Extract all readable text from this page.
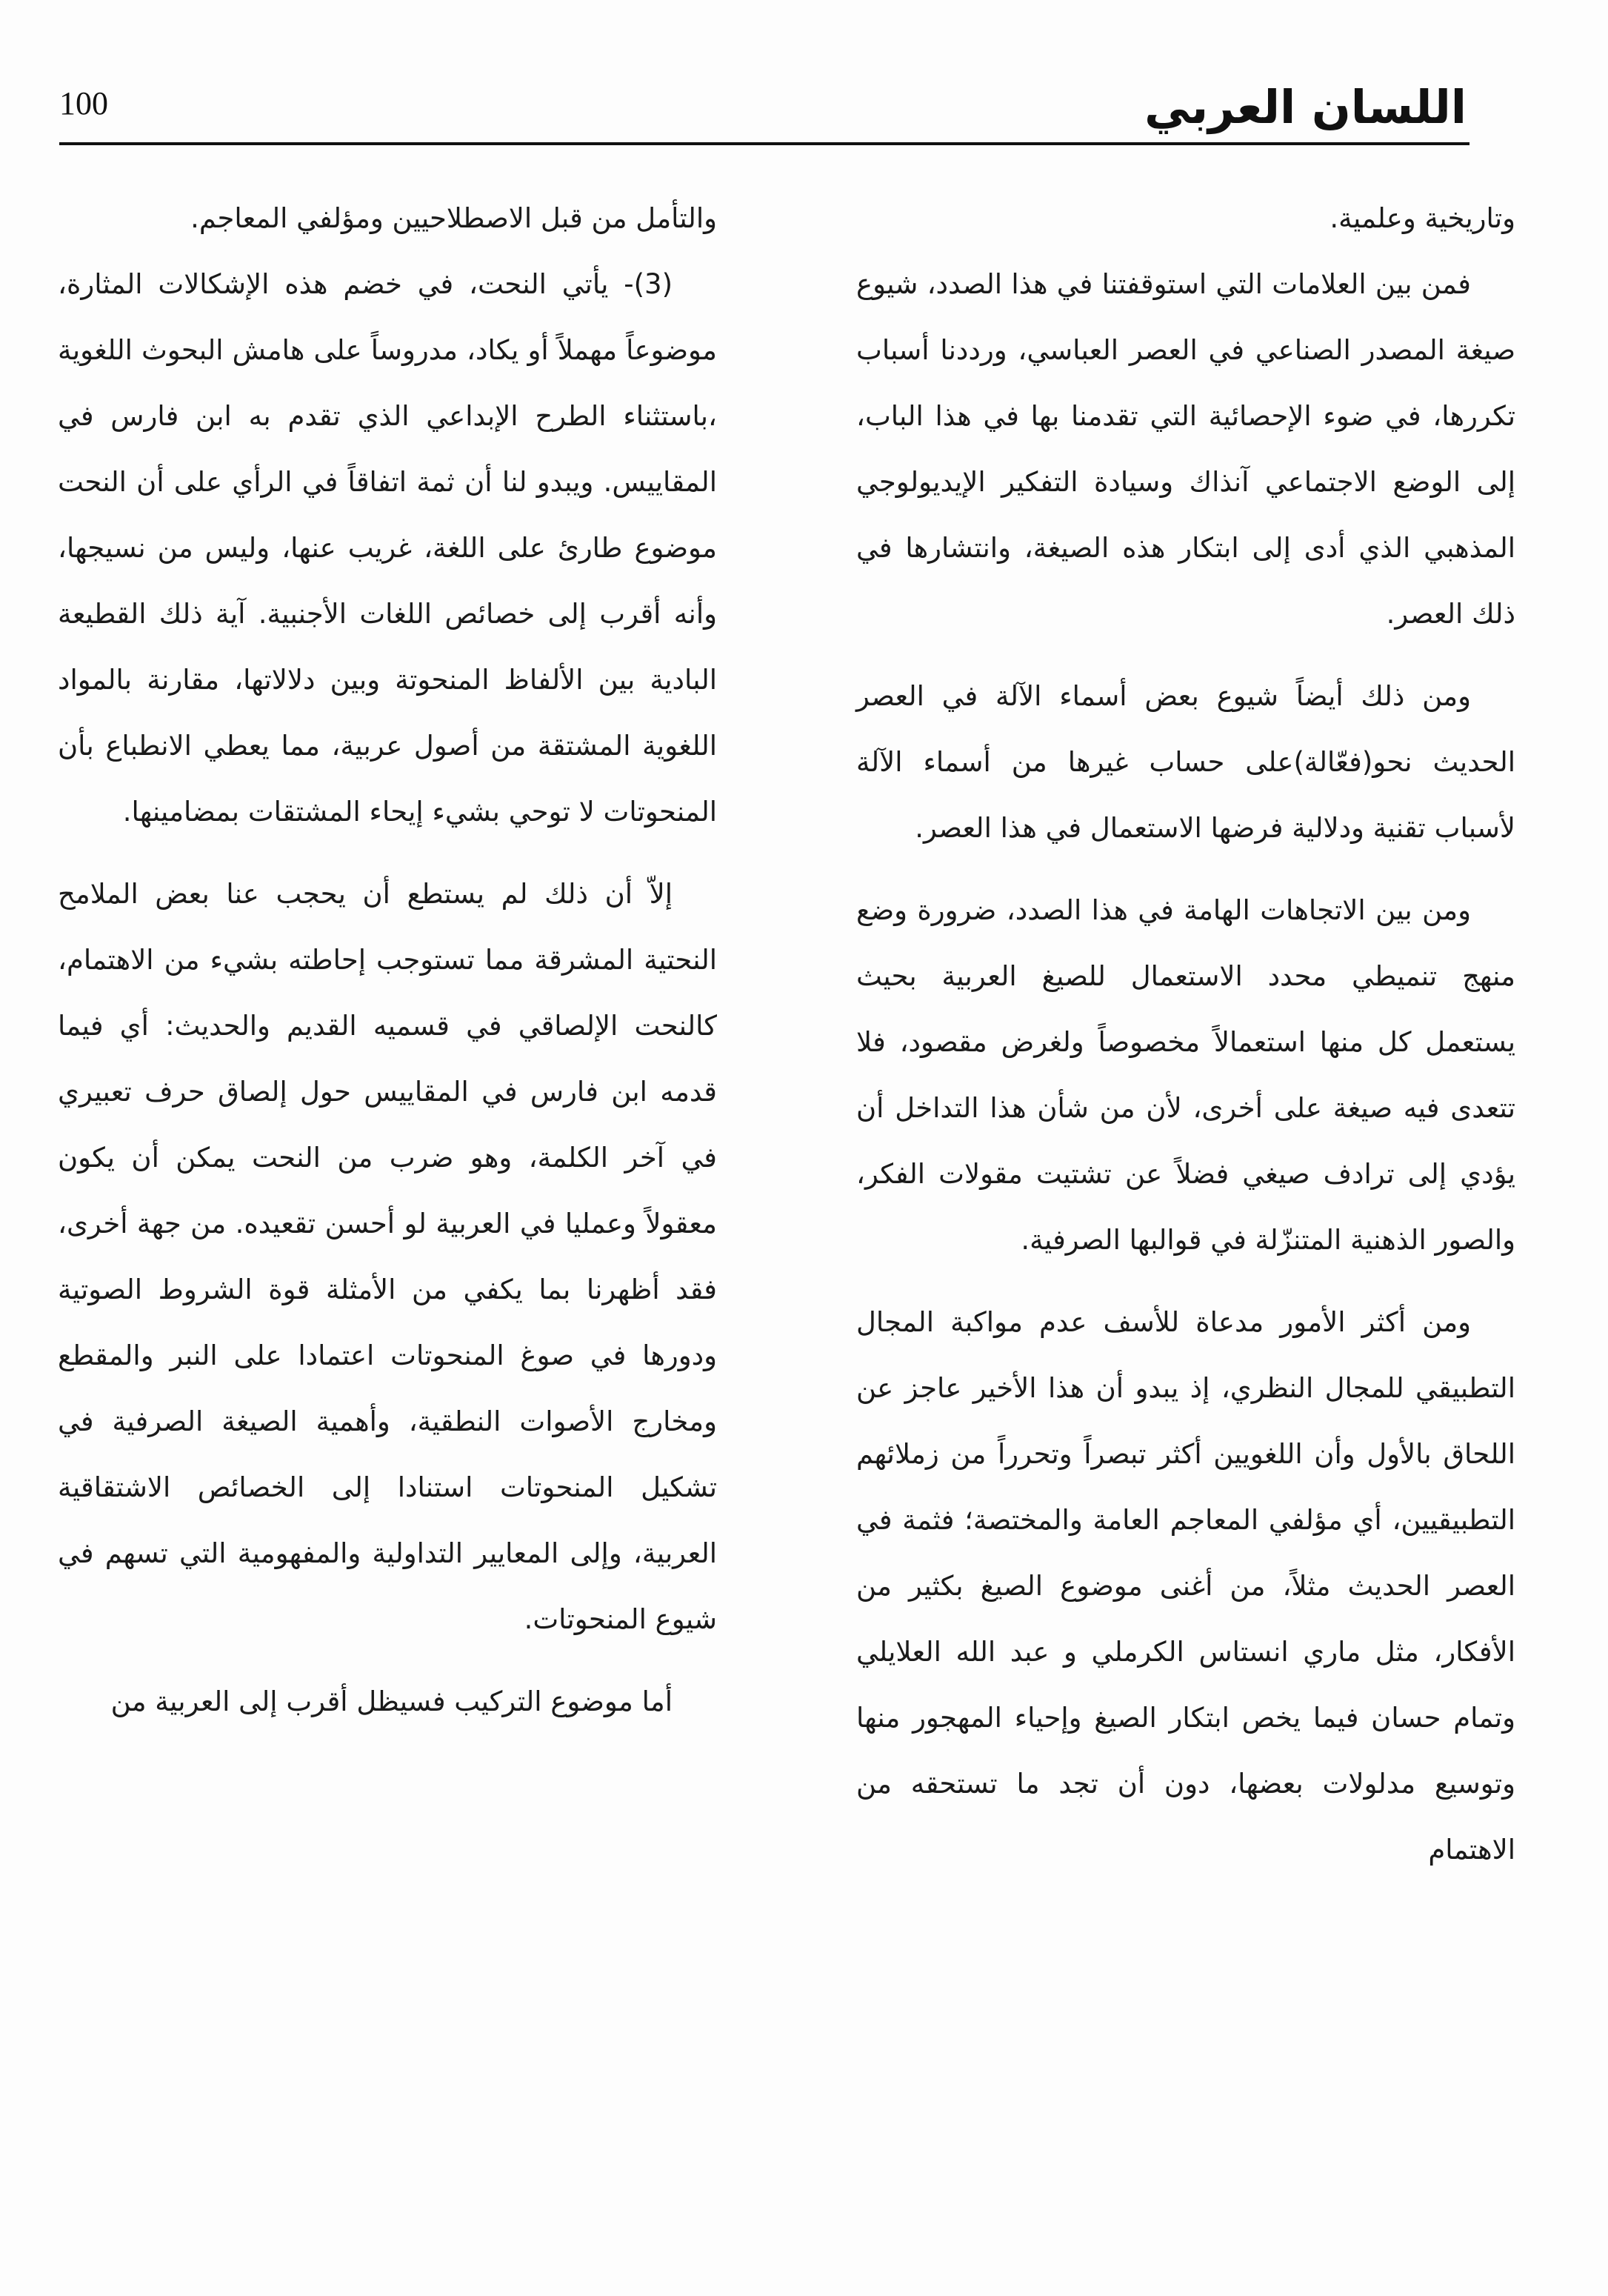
اللسان العربي
100

وتاريخية وعلمية.

فمن بين العلامات التي استوقفتنا في هذا الصدد، شيوع صيغة المصدر الصناعي في العصر العباسي، ورددنا أسباب تكررها، في ضوء الإحصائية التي تقدمنا بها في هذا الباب، إلى الوضع الاجتماعي آنذاك وسيادة التفكير الإيديولوجي المذهبي الذي أدى إلى ابتكار هذه الصيغة، وانتشارها في ذلك العصر.

ومن ذلك أيضاً شيوع بعض أسماء الآلة في العصر الحديث نحو(فعّالة)على حساب غيرها من أسماء الآلة لأسباب تقنية ودلالية فرضها الاستعمال في هذا العصر.

ومن بين الاتجاهات الهامة في هذا الصدد، ضرورة وضع منهج تنميطي محدد الاستعمال للصيغ العربية بحيث يستعمل كل منها استعمالاً مخصوصاً ولغرض مقصود، فلا تتعدى فيه صيغة على أخرى، لأن من شأن هذا التداخل أن يؤدي إلى ترادف صيغي فضلاً عن تشتيت مقولات الفكر، والصور الذهنية المتنزّلة في قوالبها الصرفية.

ومن أكثر الأمور مدعاة للأسف عدم مواكبة المجال التطبيقي للمجال النظري، إذ يبدو أن هذا الأخير عاجز عن اللحاق بالأول وأن اللغويين أكثر تبصراً وتحرراً من زملائهم التطبيقيين، أي مؤلفي المعاجم العامة والمختصة؛ فثمة في العصر الحديث مثلاً، من أغنى موضوع الصيغ بكثير من الأفكار، مثل ماري انستاس الكرملي و عبد الله العلايلي وتمام حسان فيما يخص ابتكار الصيغ وإحياء المهجور منها وتوسيع مدلولات بعضها، دون أن تجد ما تستحقه من الاهتمام

والتأمل من قبل الاصطلاحيين ومؤلفي المعاجم.

(3)- يأتي النحت، في خضم هذه الإشكالات المثارة، موضوعاً مهملاً أو يكاد، مدروساً على هامش البحوث اللغوية ،باستثناء الطرح الإبداعي الذي تقدم به ابن فارس في المقاييس. ويبدو لنا أن ثمة اتفاقاً في الرأي على أن النحت موضوع طارئ على اللغة، غريب عنها، وليس من نسيجها، وأنه أقرب إلى خصائص اللغات الأجنبية. آية ذلك القطيعة البادية بين الألفاظ المنحوتة وبين دلالاتها، مقارنة بالمواد اللغوية المشتقة من أصول عربية، مما يعطي الانطباع بأن المنحوتات لا توحي بشيء إيحاء المشتقات بمضامينها.

إلاّ أن ذلك لم يستطع أن يحجب عنا بعض الملامح النحتية المشرقة مما تستوجب إحاطته بشيء من الاهتمام، كالنحت الإلصاقي في قسميه القديم والحديث: أي فيما قدمه ابن فارس في المقاييس حول إلصاق حرف تعبيري في آخر الكلمة، وهو ضرب من النحت يمكن أن يكون معقولاً وعمليا في العربية لو أحسن تقعيده. من جهة أخرى، فقد أظهرنا بما يكفي من الأمثلة قوة الشروط الصوتية ودورها في صوغ المنحوتات اعتمادا على النبر والمقطع ومخارج الأصوات النطقية، وأهمية الصيغة الصرفية في تشكيل المنحوتات استنادا إلى الخصائص الاشتقاقية العربية، وإلى المعايير التداولية والمفهومية التي تسهم في شيوع المنحوتات.

أما موضوع التركيب فسيظل أقرب إلى العربية من
